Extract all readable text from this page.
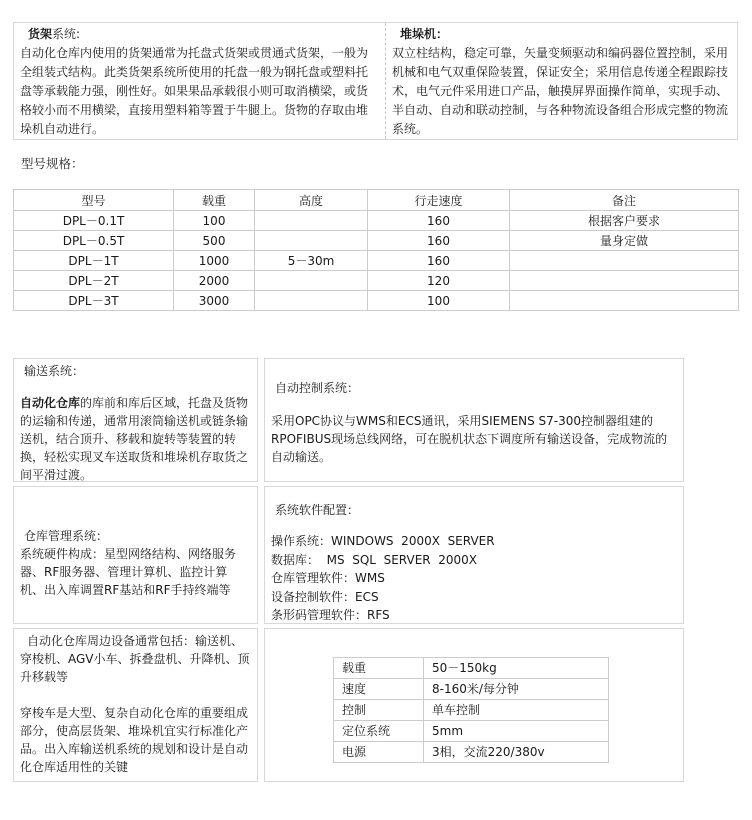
货架系统:

自动化仓库内使用的货架通常为托盘式货架或贯通式货架，一般为全组装式结构。此类货架系统所使用的托盘一般为钢托盘或塑料托盘等承载能力强，刚性好。如果果品承载很小则可取消横梁，或货格较小而不用横梁，直接用塑料箱等置于牛腿上。货物的存取由堆垛机自动进行。

堆垛机：

双立柱结构，稳定可靠，矢量变频驱动和编码器位置控制，采用机械和电气双重保险装置，保证安全；采用信息传递全程跟踪技术，电气元件采用进口产品，触摸屏界面操作简单，实现手动、半自动、自动和联动控制，与各种物流设备组合形成完整的物流系统。

型号规格：
型号	载重	高度	行走速度	备注
DPL－0.1T	100		160	根据客户要求
DPL－0.5T	500		160	量身定做
DPL－1T	1000	5－30m	160	
DPL－2T	2000		120	
DPL－3T	3000		100	
输送系统：

自动化仓库的库前和库后区域，托盘及货物的运输和传递，通常用滚筒输送机或链条输送机，结合顶升、移载和旋转等装置的转换，轻松实现叉车送取货和堆垛机存取货之间平滑过渡。

自动控制系统：

采用OPC协议与WMS和ECS通讯，采用SIEMENS S7-300控制器组建的RPOFIBUS现场总线网络，可在脱机状态下调度所有输送设备，完成物流的自动输送。

仓库管理系统：

系统硬件构成：星型网络结构、网络服务器、RF服务器、管理计算机、监控计算机、出入库调置RF基站和RF手持终端等

系统软件配置：
操作系统：WINDOWS  2000X  SERVER
数据库：  MS  SQL  SERVER  2000X
仓库管理软件：WMS
设备控制软件：ECS
条形码管理软件：RFS

自动化仓库周边设备通常包括：输送机、穿梭机、AGV小车、拆叠盘机、升降机、顶升移载等

穿梭车是大型、复杂自动化仓库的重要组成部分，使高层货架、堆垛机宜实行标准化产品。出入库输送机系统的规划和设计是自动化仓库适用性的关键

载重	50－150kg
速度	8-160米/每分钟
控制	单车控制
定位系统	5mm
电源	3相，交流220/380v
